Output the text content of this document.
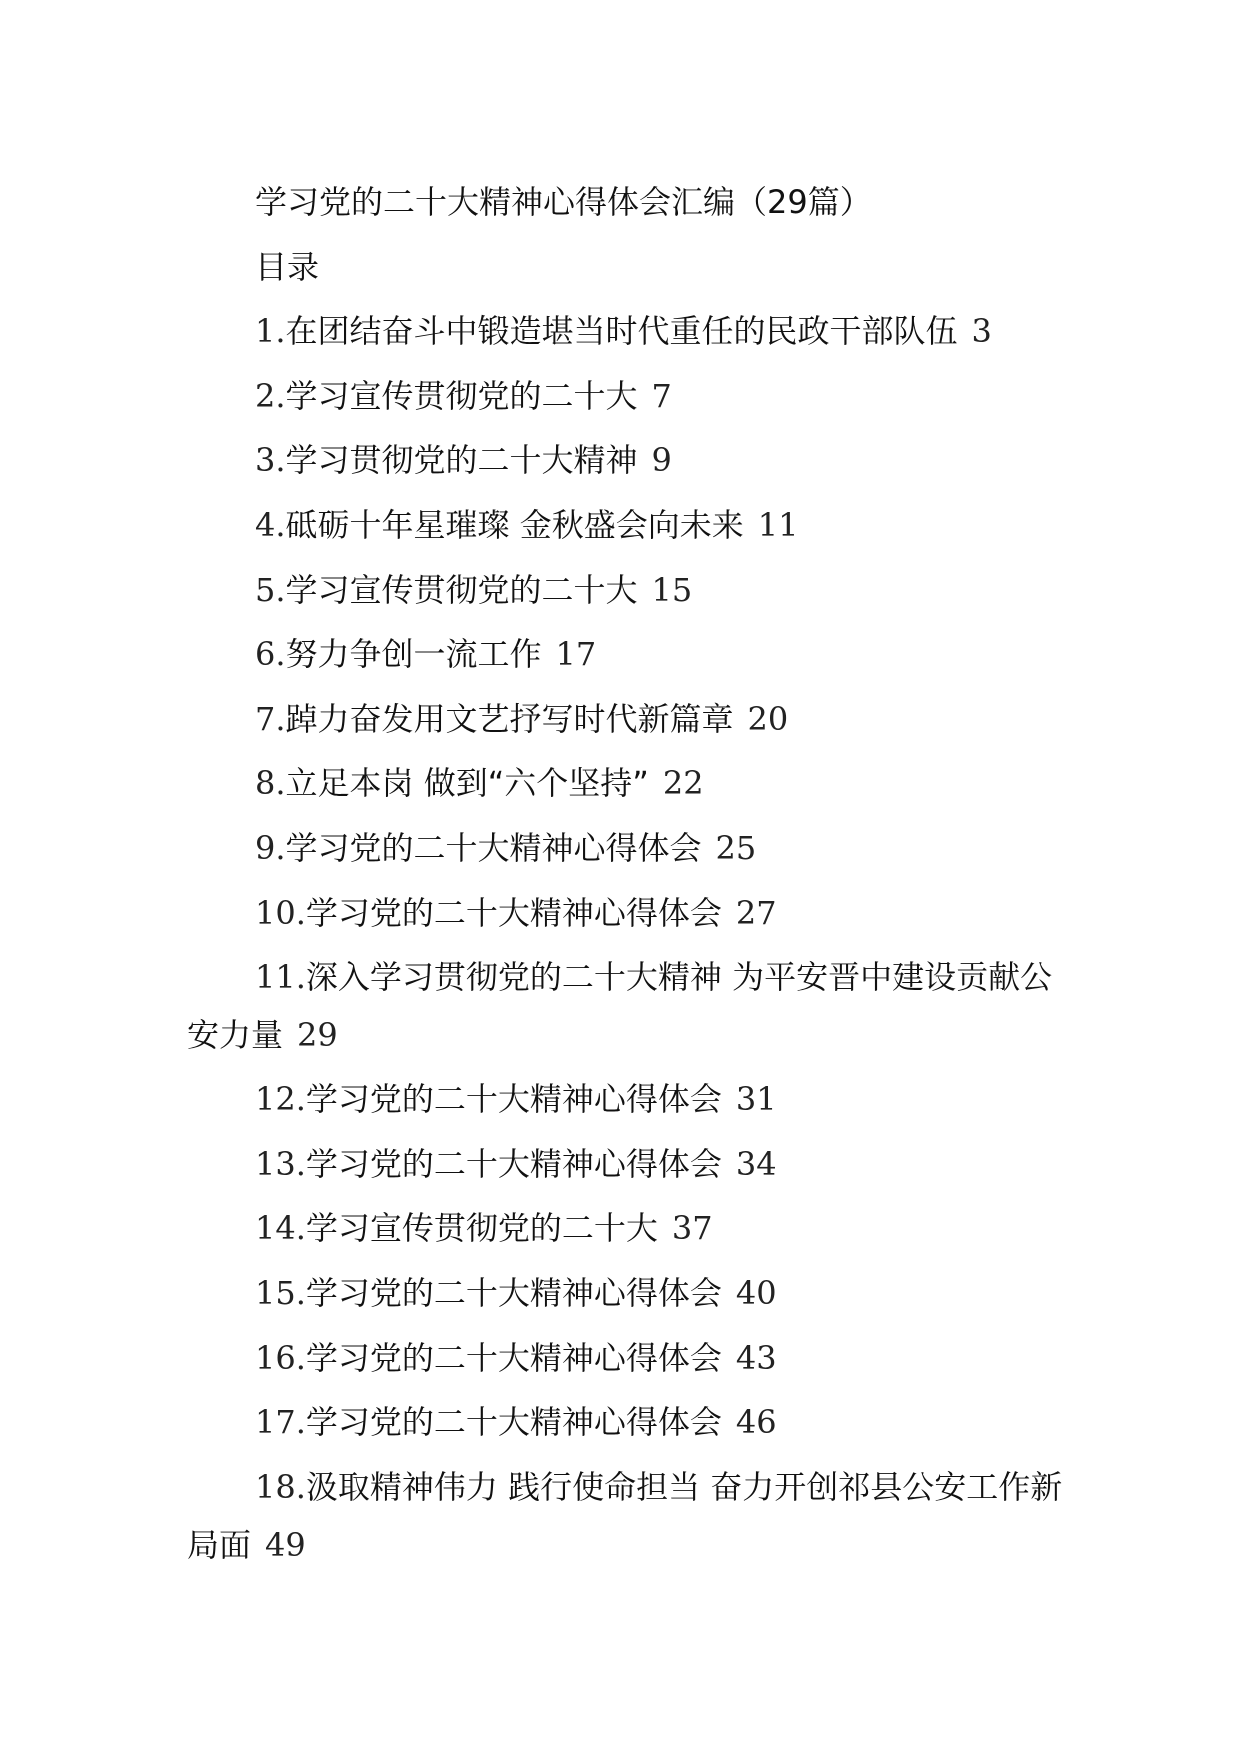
学习党的二十大精神心得体会汇编（29篇）
目录
1.在团结奋斗中锻造堪当时代重任的民政干部队伍 3
2.学习宣传贯彻党的二十大 7
3.学习贯彻党的二十大精神 9
4.砥砺十年星璀璨 金秋盛会向未来 11
5.学习宣传贯彻党的二十大 15
6.努力争创一流工作 17
7.踔力奋发用文艺抒写时代新篇章 20
8.立足本岗 做到“六个坚持” 22
9.学习党的二十大精神心得体会 25
10.学习党的二十大精神心得体会 27
11.深入学习贯彻党的二十大精神 为平安晋中建设贡献公安力量 29
12.学习党的二十大精神心得体会 31
13.学习党的二十大精神心得体会 34
14.学习宣传贯彻党的二十大 37
15.学习党的二十大精神心得体会 40
16.学习党的二十大精神心得体会 43
17.学习党的二十大精神心得体会 46
18.汲取精神伟力 践行使命担当 奋力开创祁县公安工作新局面 49
